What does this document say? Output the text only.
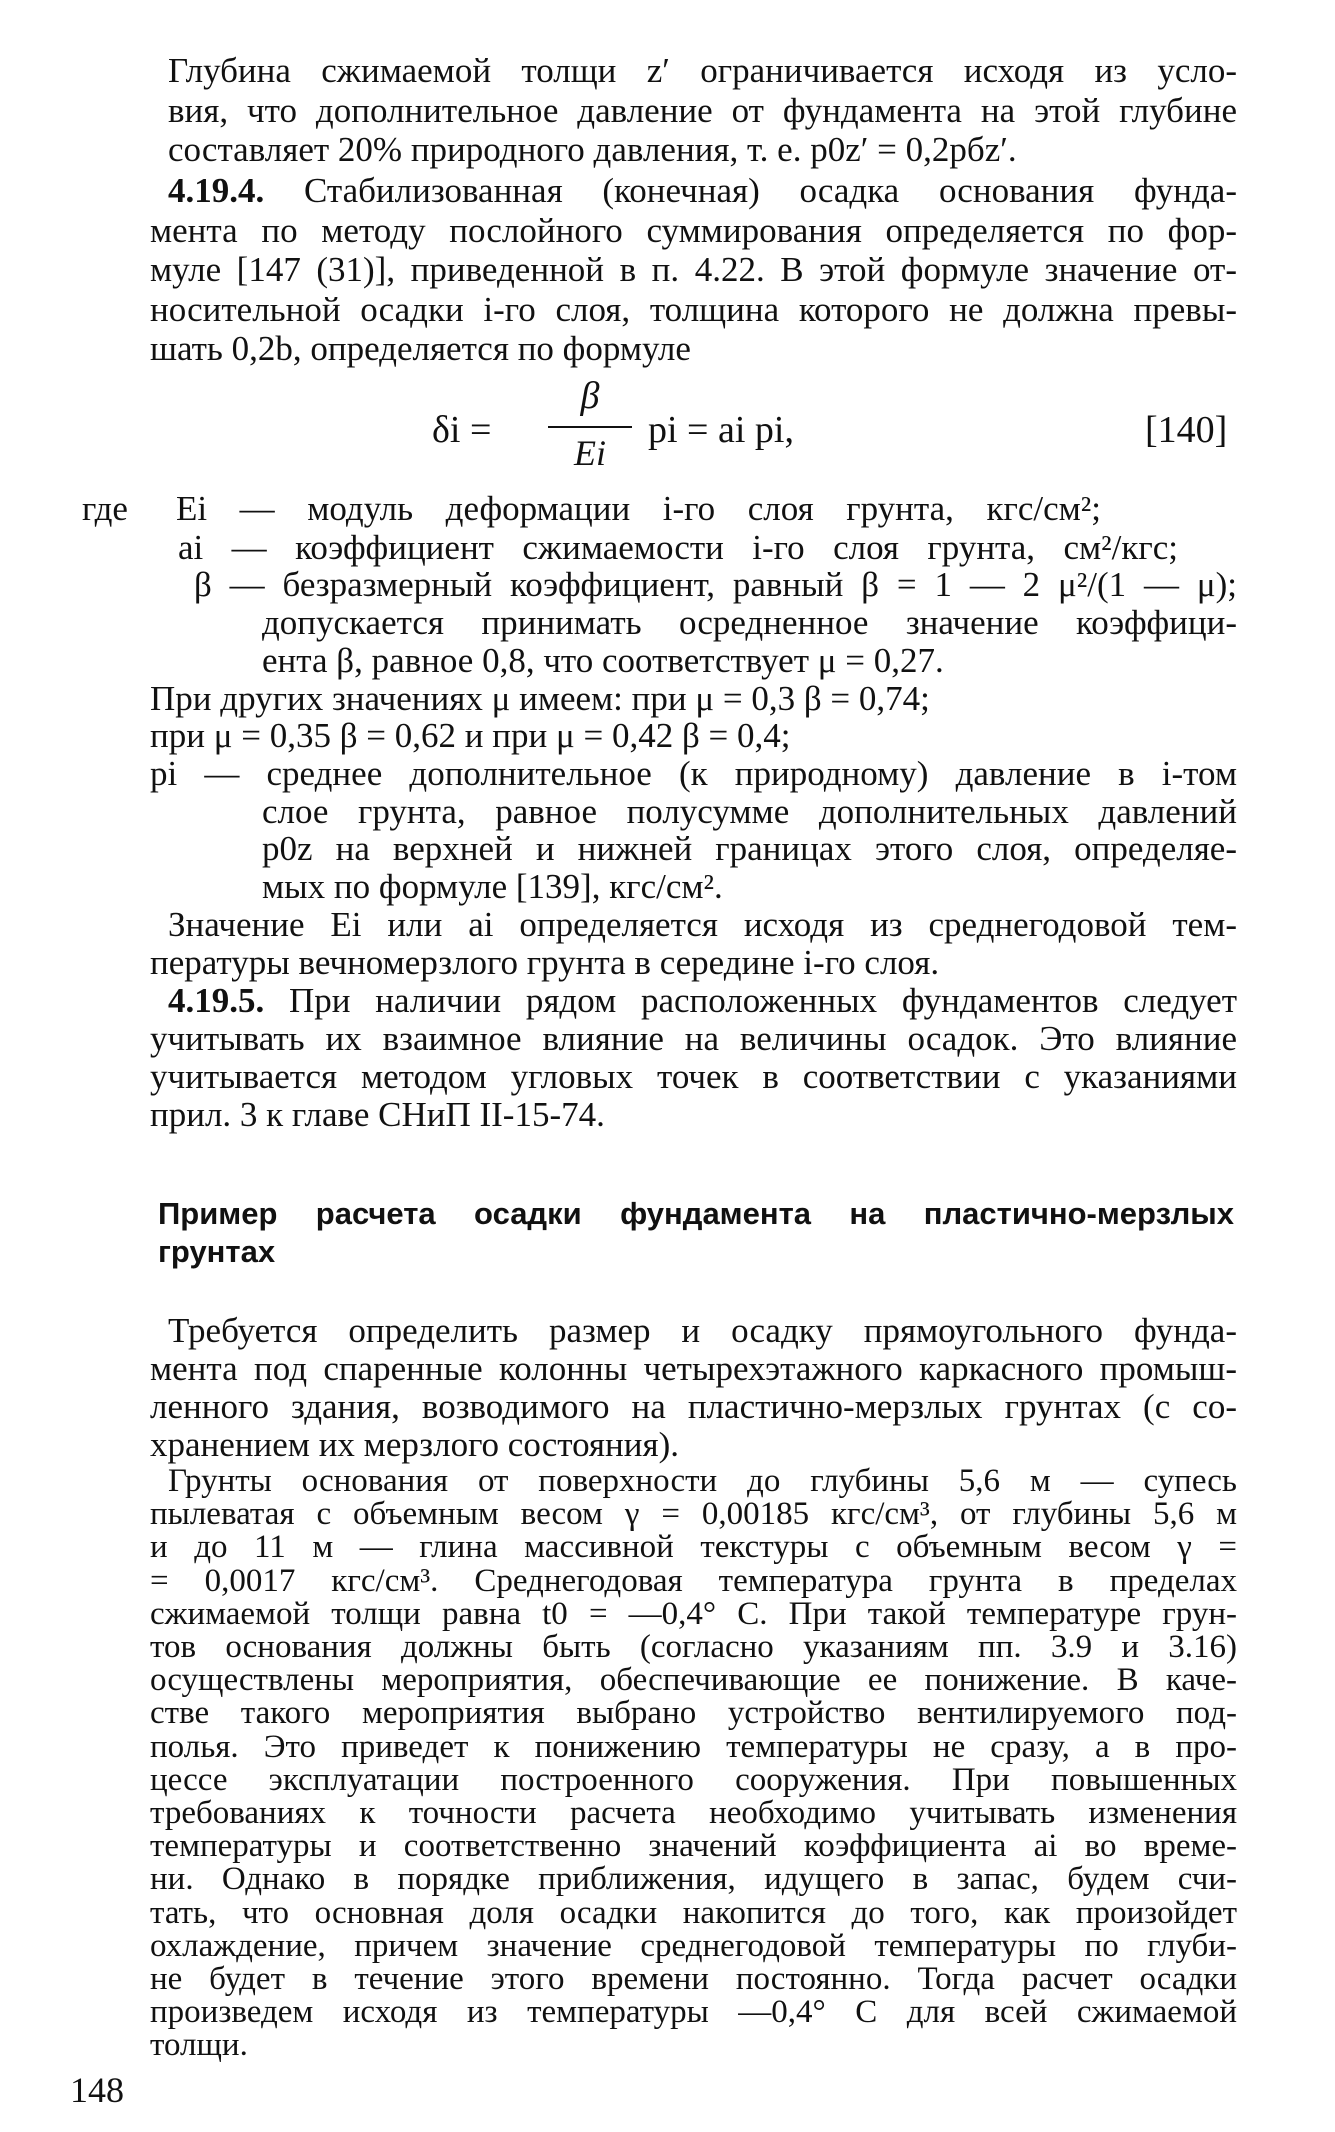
Глубина сжимаемой толщи z′ ограничивается исходя из усло-
вия, что дополнительное давление от фундамента на этой глубине
составляет 20% природного давления, т. е. p0z′ = 0,2pбz′.
4.19.4. Стабилизованная (конечная) осадка основания фунда-
мента по методу послойного суммирования определяется по фор-
муле [147 (31)], приведенной в п. 4.22. В этой формуле значение от-
носительной осадки i-го слоя, толщина которого не должна превы-
шать 0,2b, определяется по формуле
δi =
β
Ei
pi = ai pi,	[140]
где	Ei — модуль деформации i-го слоя грунта, кгс/см²;
ai — коэффициент сжимаемости i-го слоя грунта, см²/кгс;
β — безразмерный коэффициент, равный β = 1 — 2 μ²/(1 — μ);
допускается принимать осредненное значение коэффици-
ента β, равное 0,8, что соответствует μ = 0,27.
При других значениях μ имеем: при μ = 0,3 β = 0,74;
при μ = 0,35 β = 0,62 и при μ = 0,42 β = 0,4;
pi — среднее дополнительное (к природному) давление в i-том
слое грунта, равное полусумме дополнительных давлений
p0z на верхней и нижней границах этого слоя, определяе-
мых по формуле [139], кгс/см².
Значение Ei или ai определяется исходя из среднегодовой тем-
пературы вечномерзлого грунта в середине i-го слоя.
4.19.5. При наличии рядом расположенных фундаментов следует
учитывать их взаимное влияние на величины осадок. Это влияние
учитывается методом угловых точек в соответствии с указаниями
прил. 3 к главе СНиП II-15-74.
Пример расчета осадки фундамента на пластично-мерзлых
грунтах
Требуется определить размер и осадку прямоугольного фунда-
мента под спаренные колонны четырехэтажного каркасного промыш-
ленного здания, возводимого на пластично-мерзлых грунтах (с со-
хранением их мерзлого состояния).
Грунты основания от поверхности до глубины 5,6 м — супесь
пылеватая с объемным весом γ = 0,00185 кгс/см³, от глубины 5,6 м
и до 11 м — глина массивной текстуры с объемным весом γ =
= 0,0017 кгс/см³. Среднегодовая температура грунта в пределах
сжимаемой толщи равна t0 = —0,4° С. При такой температуре грун-
тов основания должны быть (согласно указаниям пп. 3.9 и 3.16)
осуществлены мероприятия, обеспечивающие ее понижение. В каче-
стве такого мероприятия выбрано устройство вентилируемого под-
полья. Это приведет к понижению температуры не сразу, а в про-
цессе эксплуатации построенного сооружения. При повышенных
требованиях к точности расчета необходимо учитывать изменения
температуры и соответственно значений коэффициента ai во време-
ни. Однако в порядке приближения, идущего в запас, будем счи-
тать, что основная доля осадки накопится до того, как произойдет
охлаждение, причем значение среднегодовой температуры по глуби-
не будет в течение этого времени постоянно. Тогда расчет осадки
произведем исходя из температуры —0,4° С для всей сжимаемой
толщи.
148
